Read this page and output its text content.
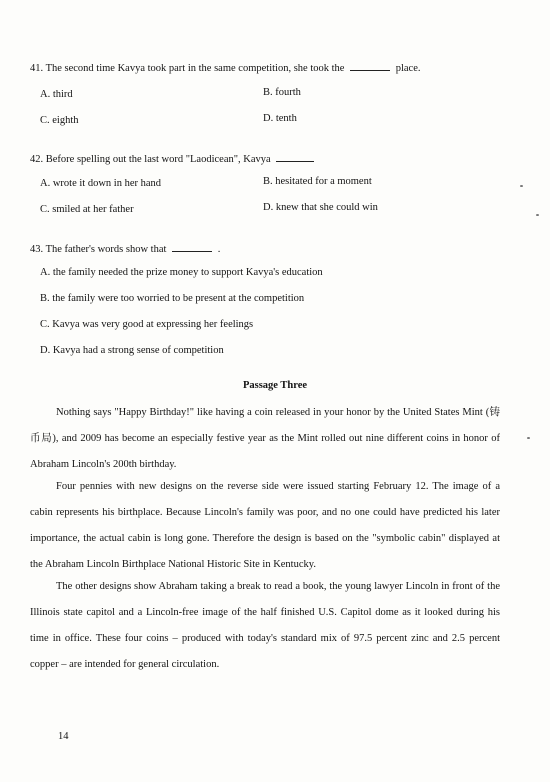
41. The second time Kavya took part in the same competition, she took the	place.
A. third	B. fourth
C. eighth	D. tenth
42. Before spelling out the last word "Laodicean", Kavya
A. wrote it down in her hand	B. hesitated for a moment
C. smiled at her father	D. knew that she could win
43. The father's words show that	.
A. the family needed the prize money to support Kavya's education
B. the family were too worried to be present at the competition
C. Kavya was very good at expressing her feelings
D. Kavya had a strong sense of competition
Passage Three
Nothing says "Happy Birthday!" like having a coin released in your honor by the United States Mint (铸币局), and 2009 has become an especially festive year as the Mint rolled out nine different coins in honor of Abraham Lincoln's 200th birthday.
Four pennies with new designs on the reverse side were issued starting February 12. The image of a cabin represents his birthplace. Because Lincoln's family was poor, and no one could have predicted his later importance, the actual cabin is long gone. Therefore the design is based on the "symbolic cabin" displayed at the Abraham Lincoln Birthplace National Historic Site in Kentucky.
The other designs show Abraham taking a break to read a book, the young lawyer Lincoln in front of the Illinois state capitol and a Lincoln-free image of the half finished U.S. Capitol dome as it looked during his time in office. These four coins – produced with today's standard mix of 97.5 percent zinc and 2.5 percent copper – are intended for general circulation.
14
